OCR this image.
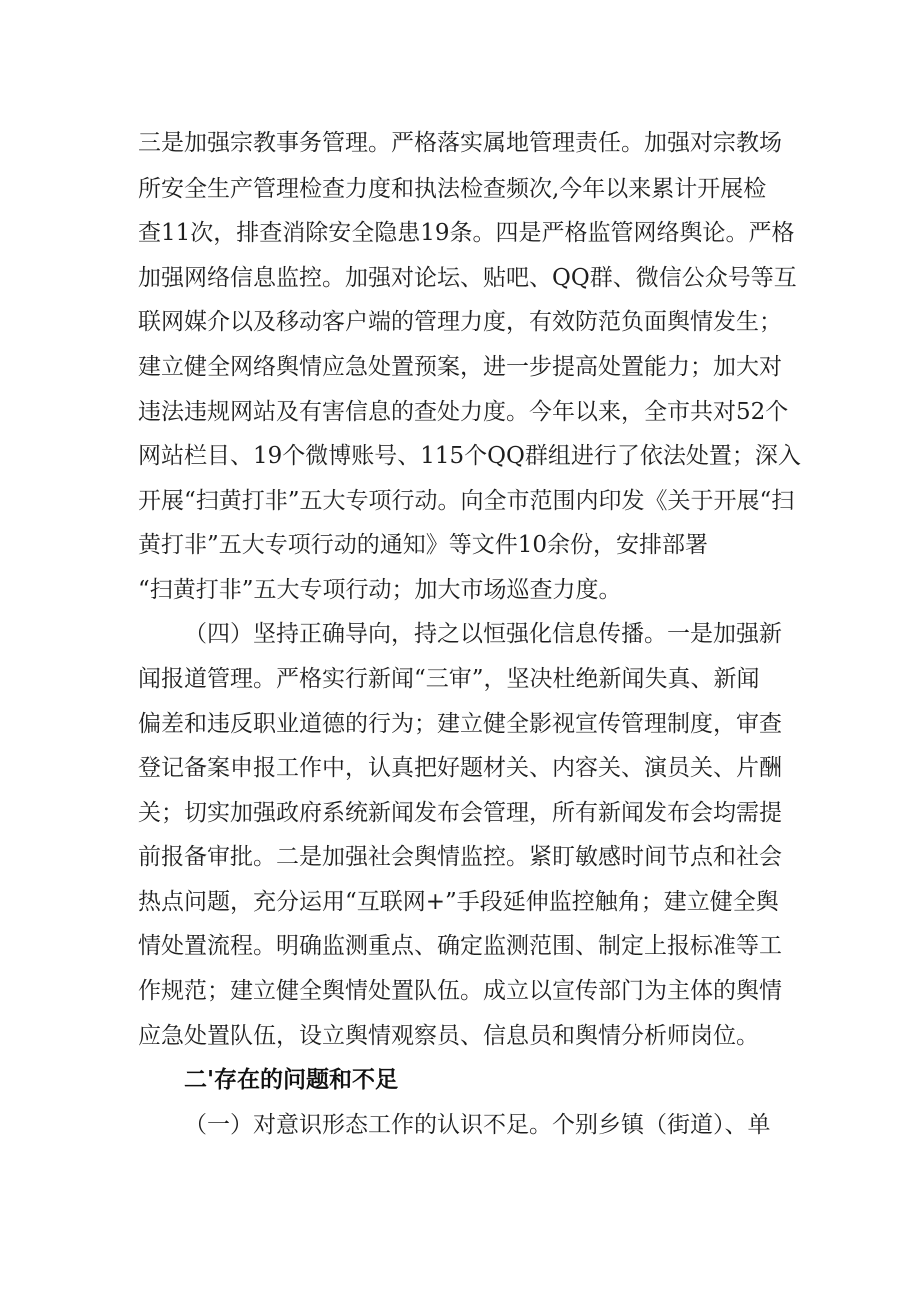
三是加强宗教事务管理。严格落实属地管理责任。加强对宗教场

所安全生产管理检查力度和执法检查频次,今年以来累计开展检

查11次，排查消除安全隐患19条。四是严格监管网络舆论。严格

加强网络信息监控。加强对论坛、贴吧、QQ群、微信公众号等互

联网媒介以及移动客户端的管理力度，有效防范负面舆情发生；

建立健全网络舆情应急处置预案，进一步提高处置能力；加大对

违法违规网站及有害信息的查处力度。今年以来，全市共对52个

网站栏目、19个微博账号、115个QQ群组进行了依法处置；深入

开展“扫黄打非”五大专项行动。向全市范围内印发《关于开展“扫

黄打非”五大专项行动的通知》等文件10余份，安排部署

“扫黄打非”五大专项行动；加大市场巡查力度。

（四）坚持正确导向，持之以恒强化信息传播。一是加强新

闻报道管理。严格实行新闻“三审”，坚决杜绝新闻失真、新闻

偏差和违反职业道德的行为；建立健全影视宣传管理制度，审查

登记备案申报工作中，认真把好题材关、内容关、演员关、片酬

关；切实加强政府系统新闻发布会管理，所有新闻发布会均需提

前报备审批。二是加强社会舆情监控。紧盯敏感时间节点和社会

热点问题，充分运用“互联网+”手段延伸监控触角；建立健全舆

情处置流程。明确监测重点、确定监测范围、制定上报标准等工

作规范；建立健全舆情处置队伍。成立以宣传部门为主体的舆情

应急处置队伍，设立舆情观察员、信息员和舆情分析师岗位。

二'存在的问题和不足

（一）对意识形态工作的认识不足。个别乡镇（街道）、单
